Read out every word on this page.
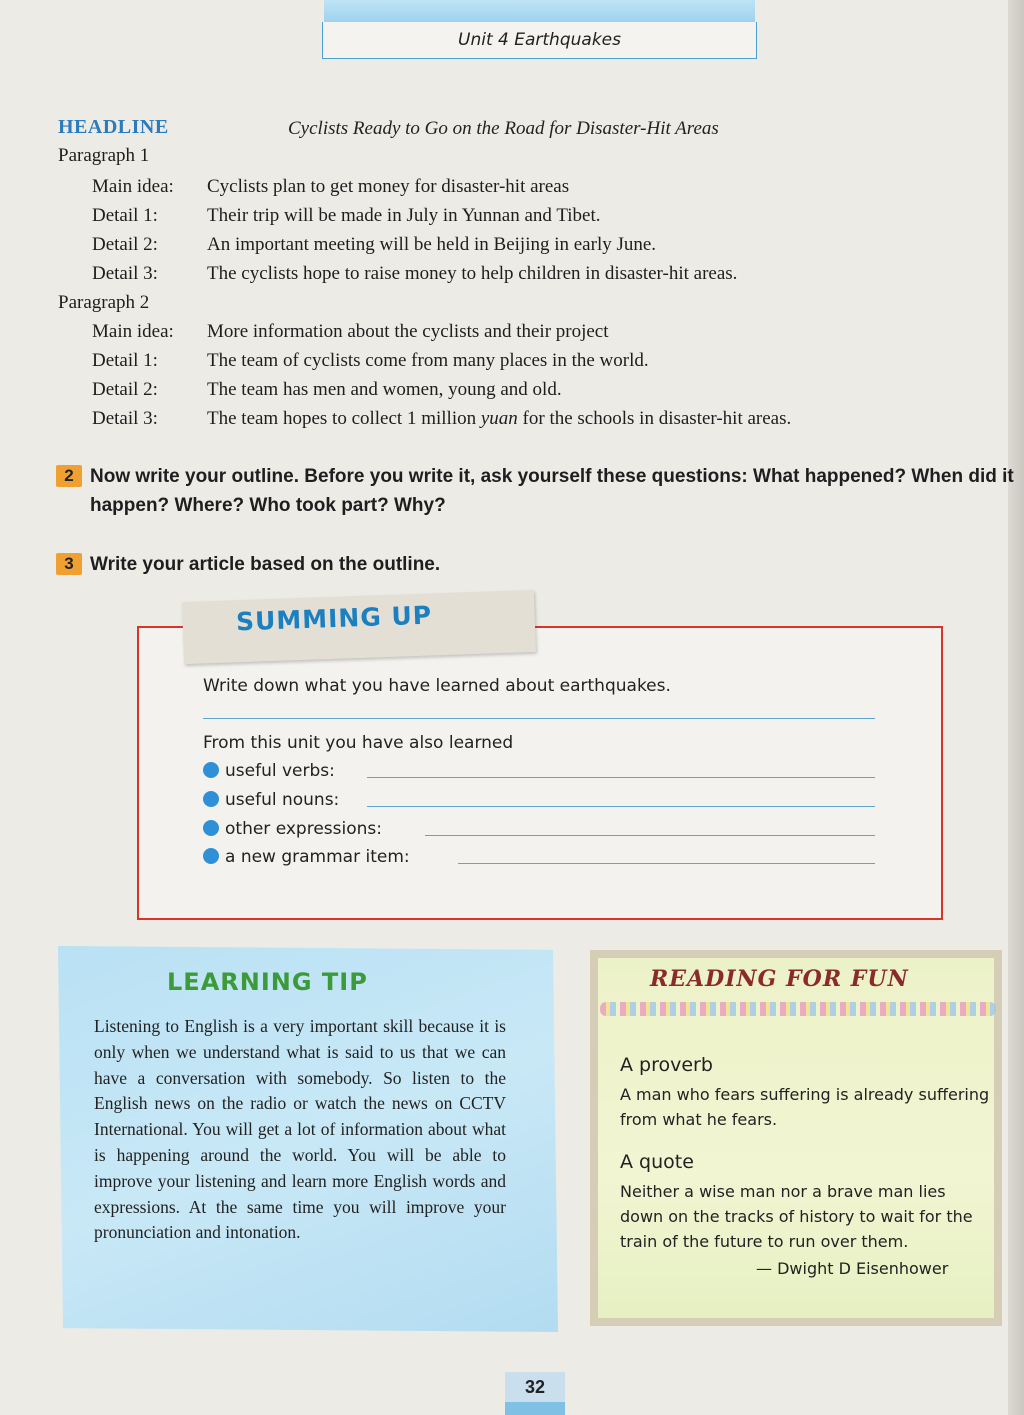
Unit 4 Earthquakes
HEADLINE	Cyclists Ready to Go on the Road for Disaster-Hit Areas
Paragraph 1
Main idea:	Cyclists plan to get money for disaster-hit areas
Detail 1:	Their trip will be made in July in Yunnan and Tibet.
Detail 2:	An important meeting will be held in Beijing in early June.
Detail 3:	The cyclists hope to raise money to help children in disaster-hit areas.
Paragraph 2
Main idea:	More information about the cyclists and their project
Detail 1:	The team of cyclists come from many places in the world.
Detail 2:	The team has men and women, young and old.
Detail 3:	The team hopes to collect 1 million yuan for the schools in disaster-hit areas.
2 Now write your outline. Before you write it, ask yourself these questions: What happened? When did it happen? Where? Who took part? Why?
3 Write your article based on the outline.
SUMMING UP
Write down what you have learned about earthquakes.
From this unit you have also learned
useful verbs:
useful nouns:
other expressions:
a new grammar item:
LEARNING TIP
Listening to English is a very important skill because it is only when we understand what is said to us that we can have a conversation with somebody. So listen to the English news on the radio or watch the news on CCTV International. You will get a lot of information about what is happening around the world. You will be able to improve your listening and learn more English words and expressions. At the same time you will improve your pronunciation and intonation.
READING FOR FUN
A proverb
A man who fears suffering is already suffering from what he fears.
A quote
Neither a wise man nor a brave man lies down on the tracks of history to wait for the train of the future to run over them.
— Dwight D Eisenhower
32
